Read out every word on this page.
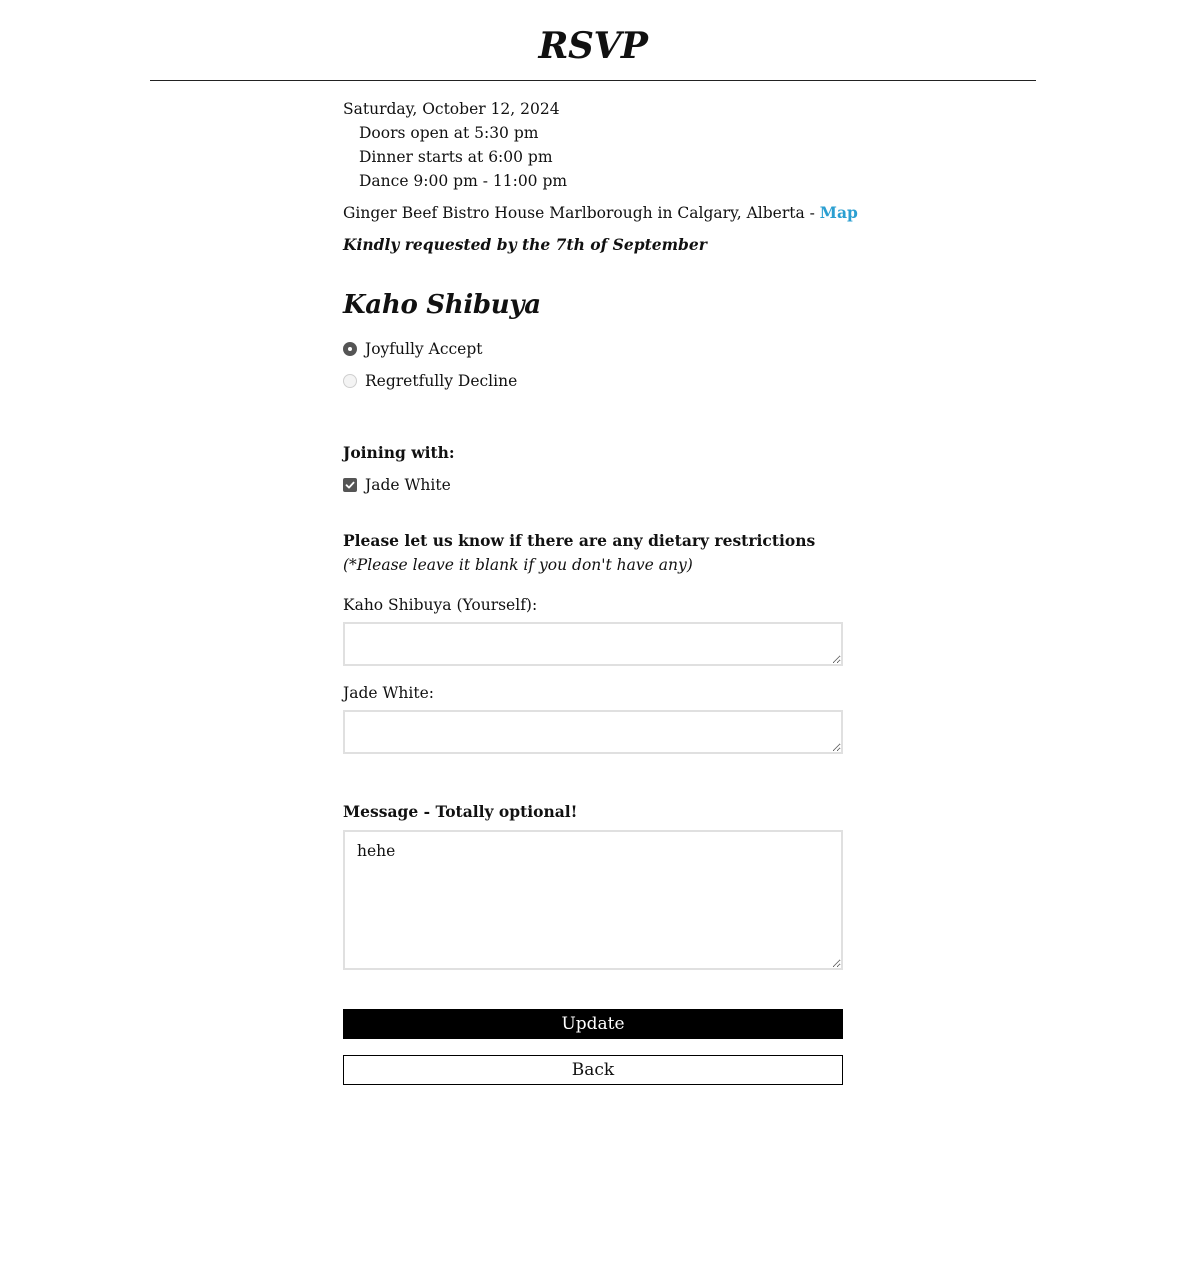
RSVP
Saturday, October 12, 2024
Doors open at 5:30 pm
Dinner starts at 6:00 pm
Dance 9:00 pm - 11:00 pm
Ginger Beef Bistro House Marlborough in Calgary, Alberta - Map
Kindly requested by the 7th of September
Kaho Shibuya
Joyfully Accept
Regretfully Decline
Joining with:
Jade White
Please let us know if there are any dietary restrictions
(*Please leave it blank if you don't have any)
Kaho Shibuya (Yourself):
Jade White:
Message - Totally optional!
hehe
Update
Back
